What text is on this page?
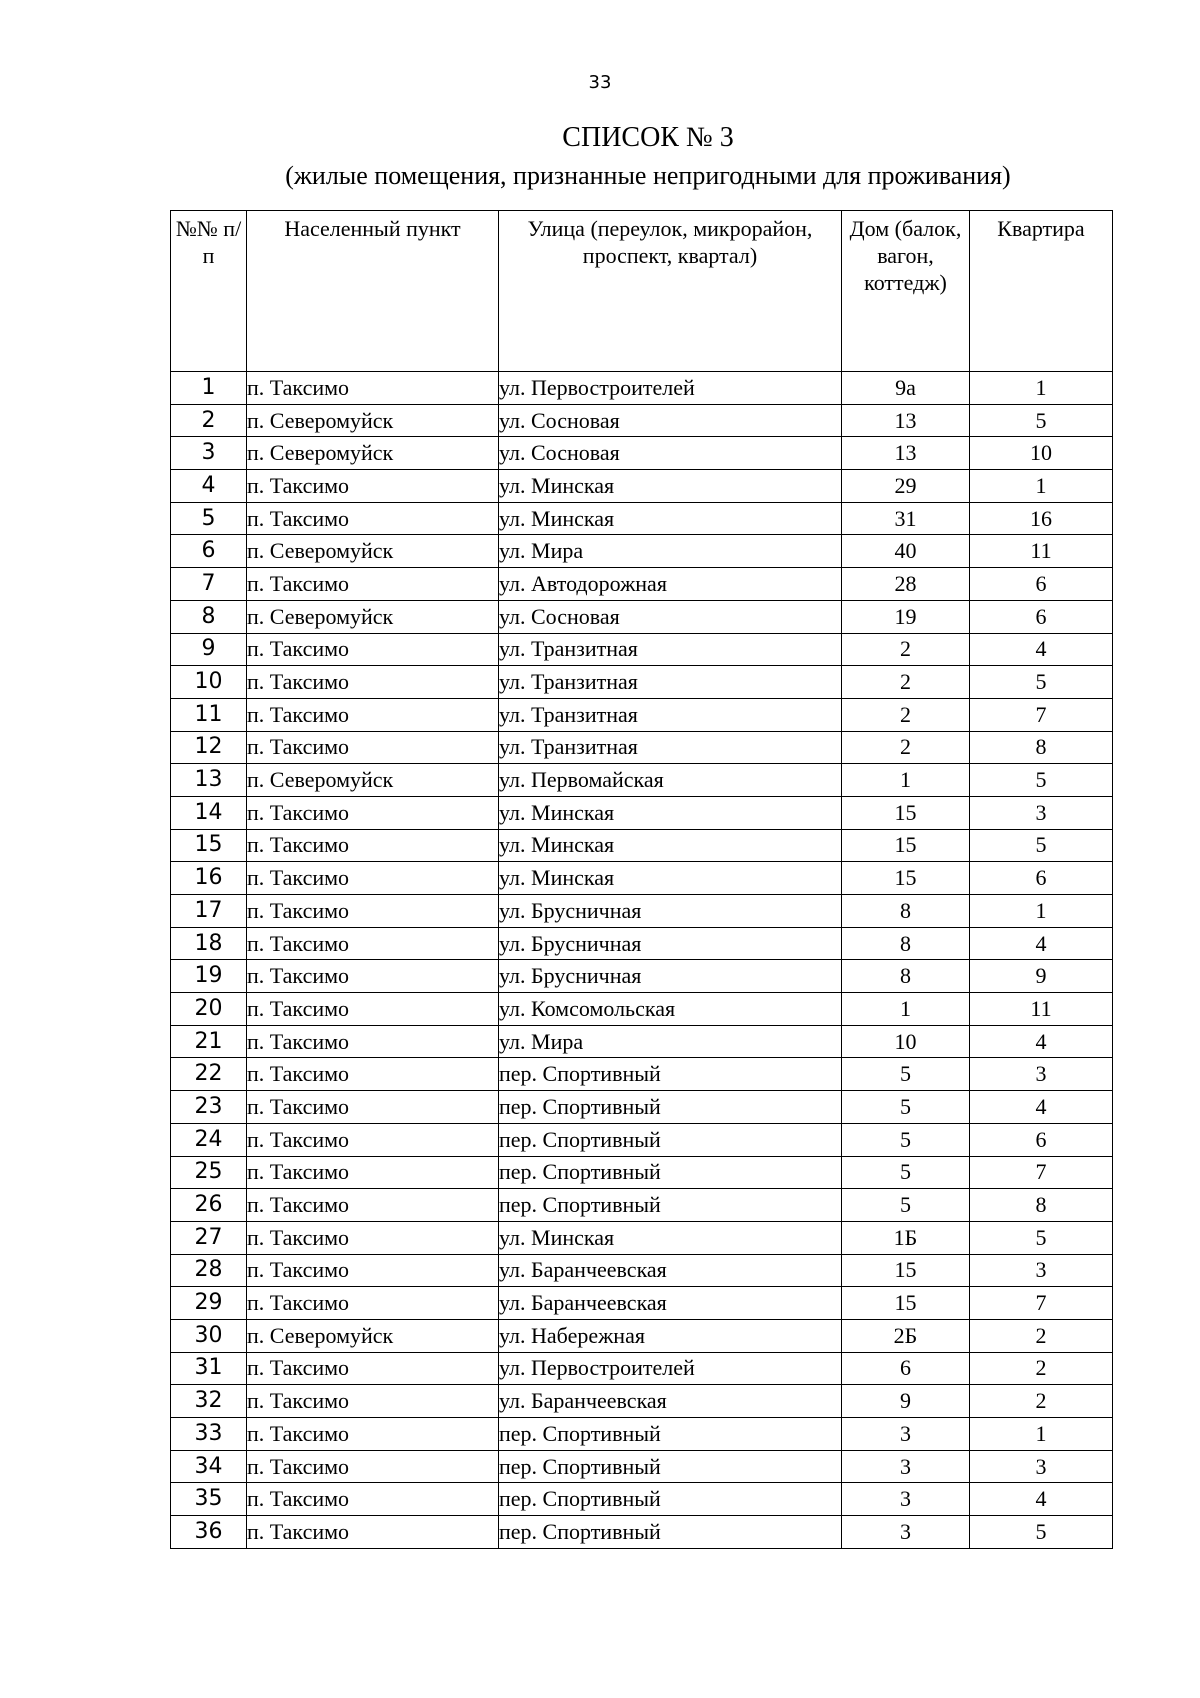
33
СПИСОК № 3
(жилые помещения, признанные непригодными для проживания)
№№ п/п	Населенный пункт	Улица (переулок, микрорайон, проспект, квартал)	Дом (балок, вагон, коттедж)	Квартира
1	п. Таксимо	ул. Первостроителей	9а	1
2	п. Северомуйск	ул. Сосновая	13	5
3	п. Северомуйск	ул. Сосновая	13	10
4	п. Таксимо	ул. Минская	29	1
5	п. Таксимо	ул. Минская	31	16
6	п. Северомуйск	ул. Мира	40	11
7	п. Таксимо	ул. Автодорожная	28	6
8	п. Северомуйск	ул. Сосновая	19	6
9	п. Таксимо	ул. Транзитная	2	4
10	п. Таксимо	ул. Транзитная	2	5
11	п. Таксимо	ул. Транзитная	2	7
12	п. Таксимо	ул. Транзитная	2	8
13	п. Северомуйск	ул. Первомайская	1	5
14	п. Таксимо	ул. Минская	15	3
15	п. Таксимо	ул. Минская	15	5
16	п. Таксимо	ул. Минская	15	6
17	п. Таксимо	ул. Брусничная	8	1
18	п. Таксимо	ул. Брусничная	8	4
19	п. Таксимо	ул. Брусничная	8	9
20	п. Таксимо	ул. Комсомольская	1	11
21	п. Таксимо	ул. Мира	10	4
22	п. Таксимо	пер. Спортивный	5	3
23	п. Таксимо	пер. Спортивный	5	4
24	п. Таксимо	пер. Спортивный	5	6
25	п. Таксимо	пер. Спортивный	5	7
26	п. Таксимо	пер. Спортивный	5	8
27	п. Таксимо	ул. Минская	1Б	5
28	п. Таксимо	ул. Баранчеевская	15	3
29	п. Таксимо	ул. Баранчеевская	15	7
30	п. Северомуйск	ул. Набережная	2Б	2
31	п. Таксимо	ул. Первостроителей	6	2
32	п. Таксимо	ул. Баранчеевская	9	2
33	п. Таксимо	пер. Спортивный	3	1
34	п. Таксимо	пер. Спортивный	3	3
35	п. Таксимо	пер. Спортивный	3	4
36	п. Таксимо	пер. Спортивный	3	5
